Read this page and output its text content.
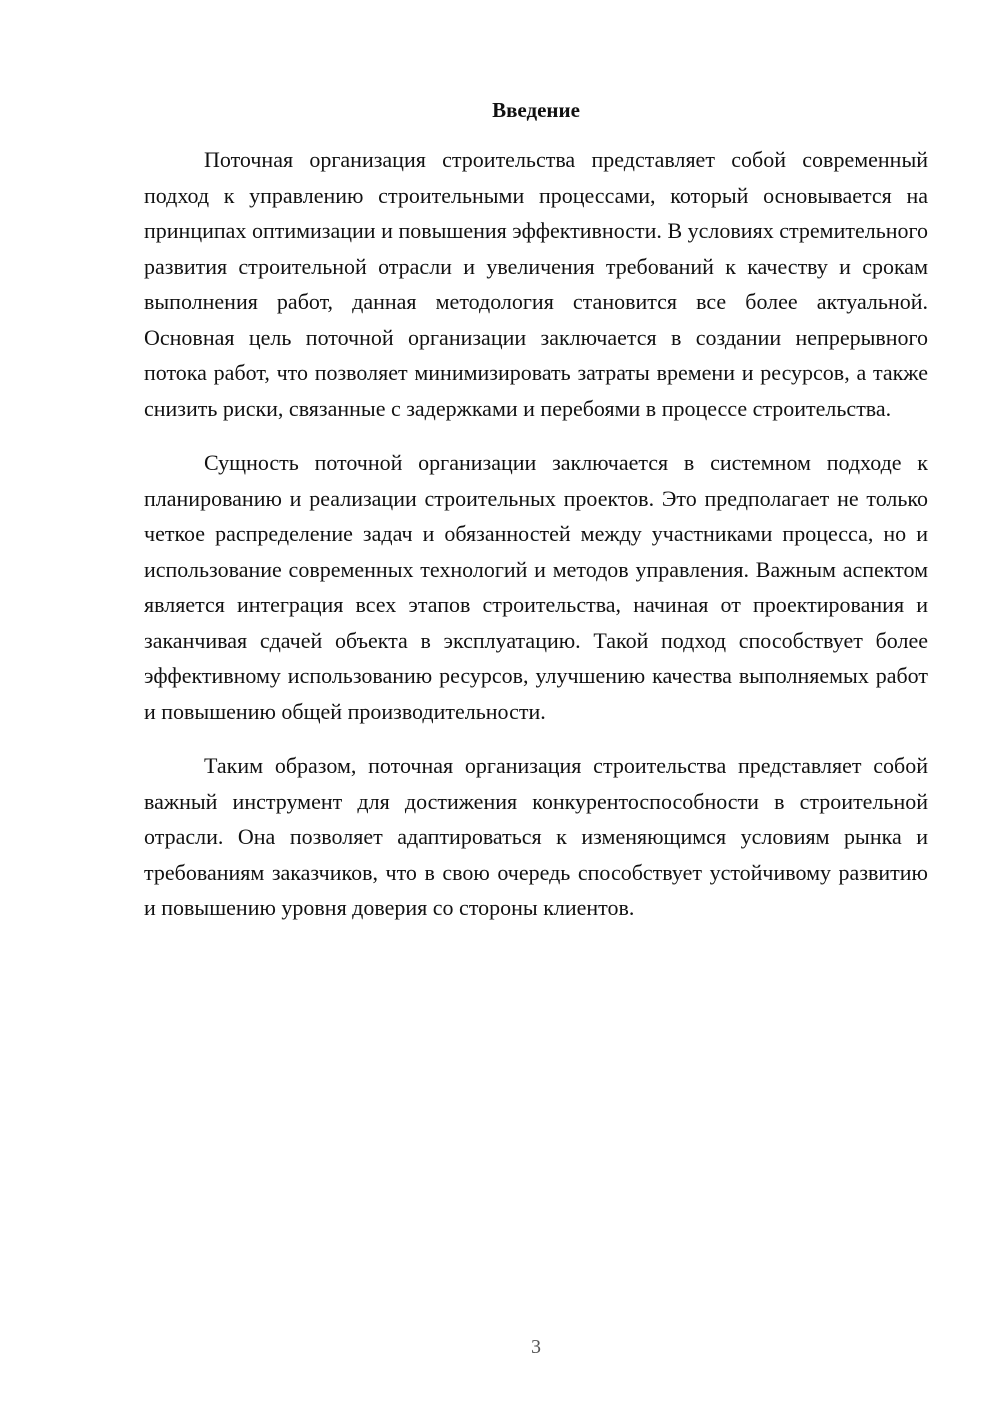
Введение

Поточная организация строительства представляет собой современный подход к управлению строительными процессами, который основывается на принципах оптимизации и повышения эффективности. В условиях стремительного развития строительной отрасли и увеличения требований к качеству и срокам выполнения работ, данная методология становится все более актуальной. Основная цель поточной организации заключается в создании непрерывного потока работ, что позволяет минимизировать затраты времени и ресурсов, а также снизить риски, связанные с задержками и перебоями в процессе строительства.

Сущность поточной организации заключается в системном подходе к планированию и реализации строительных проектов. Это предполагает не только четкое распределение задач и обязанностей между участниками процесса, но и использование современных технологий и методов управления. Важным аспектом является интеграция всех этапов строительства, начиная от проектирования и заканчивая сдачей объекта в эксплуатацию. Такой подход способствует более эффективному использованию ресурсов, улучшению качества выполняемых работ и повышению общей производительности.

Таким образом, поточная организация строительства представляет собой важный инструмент для достижения конкурентоспособности в строительной отрасли. Она позволяет адаптироваться к изменяющимся условиям рынка и требованиям заказчиков, что в свою очередь способствует устойчивому развитию и повышению уровня доверия со стороны клиентов.

3
